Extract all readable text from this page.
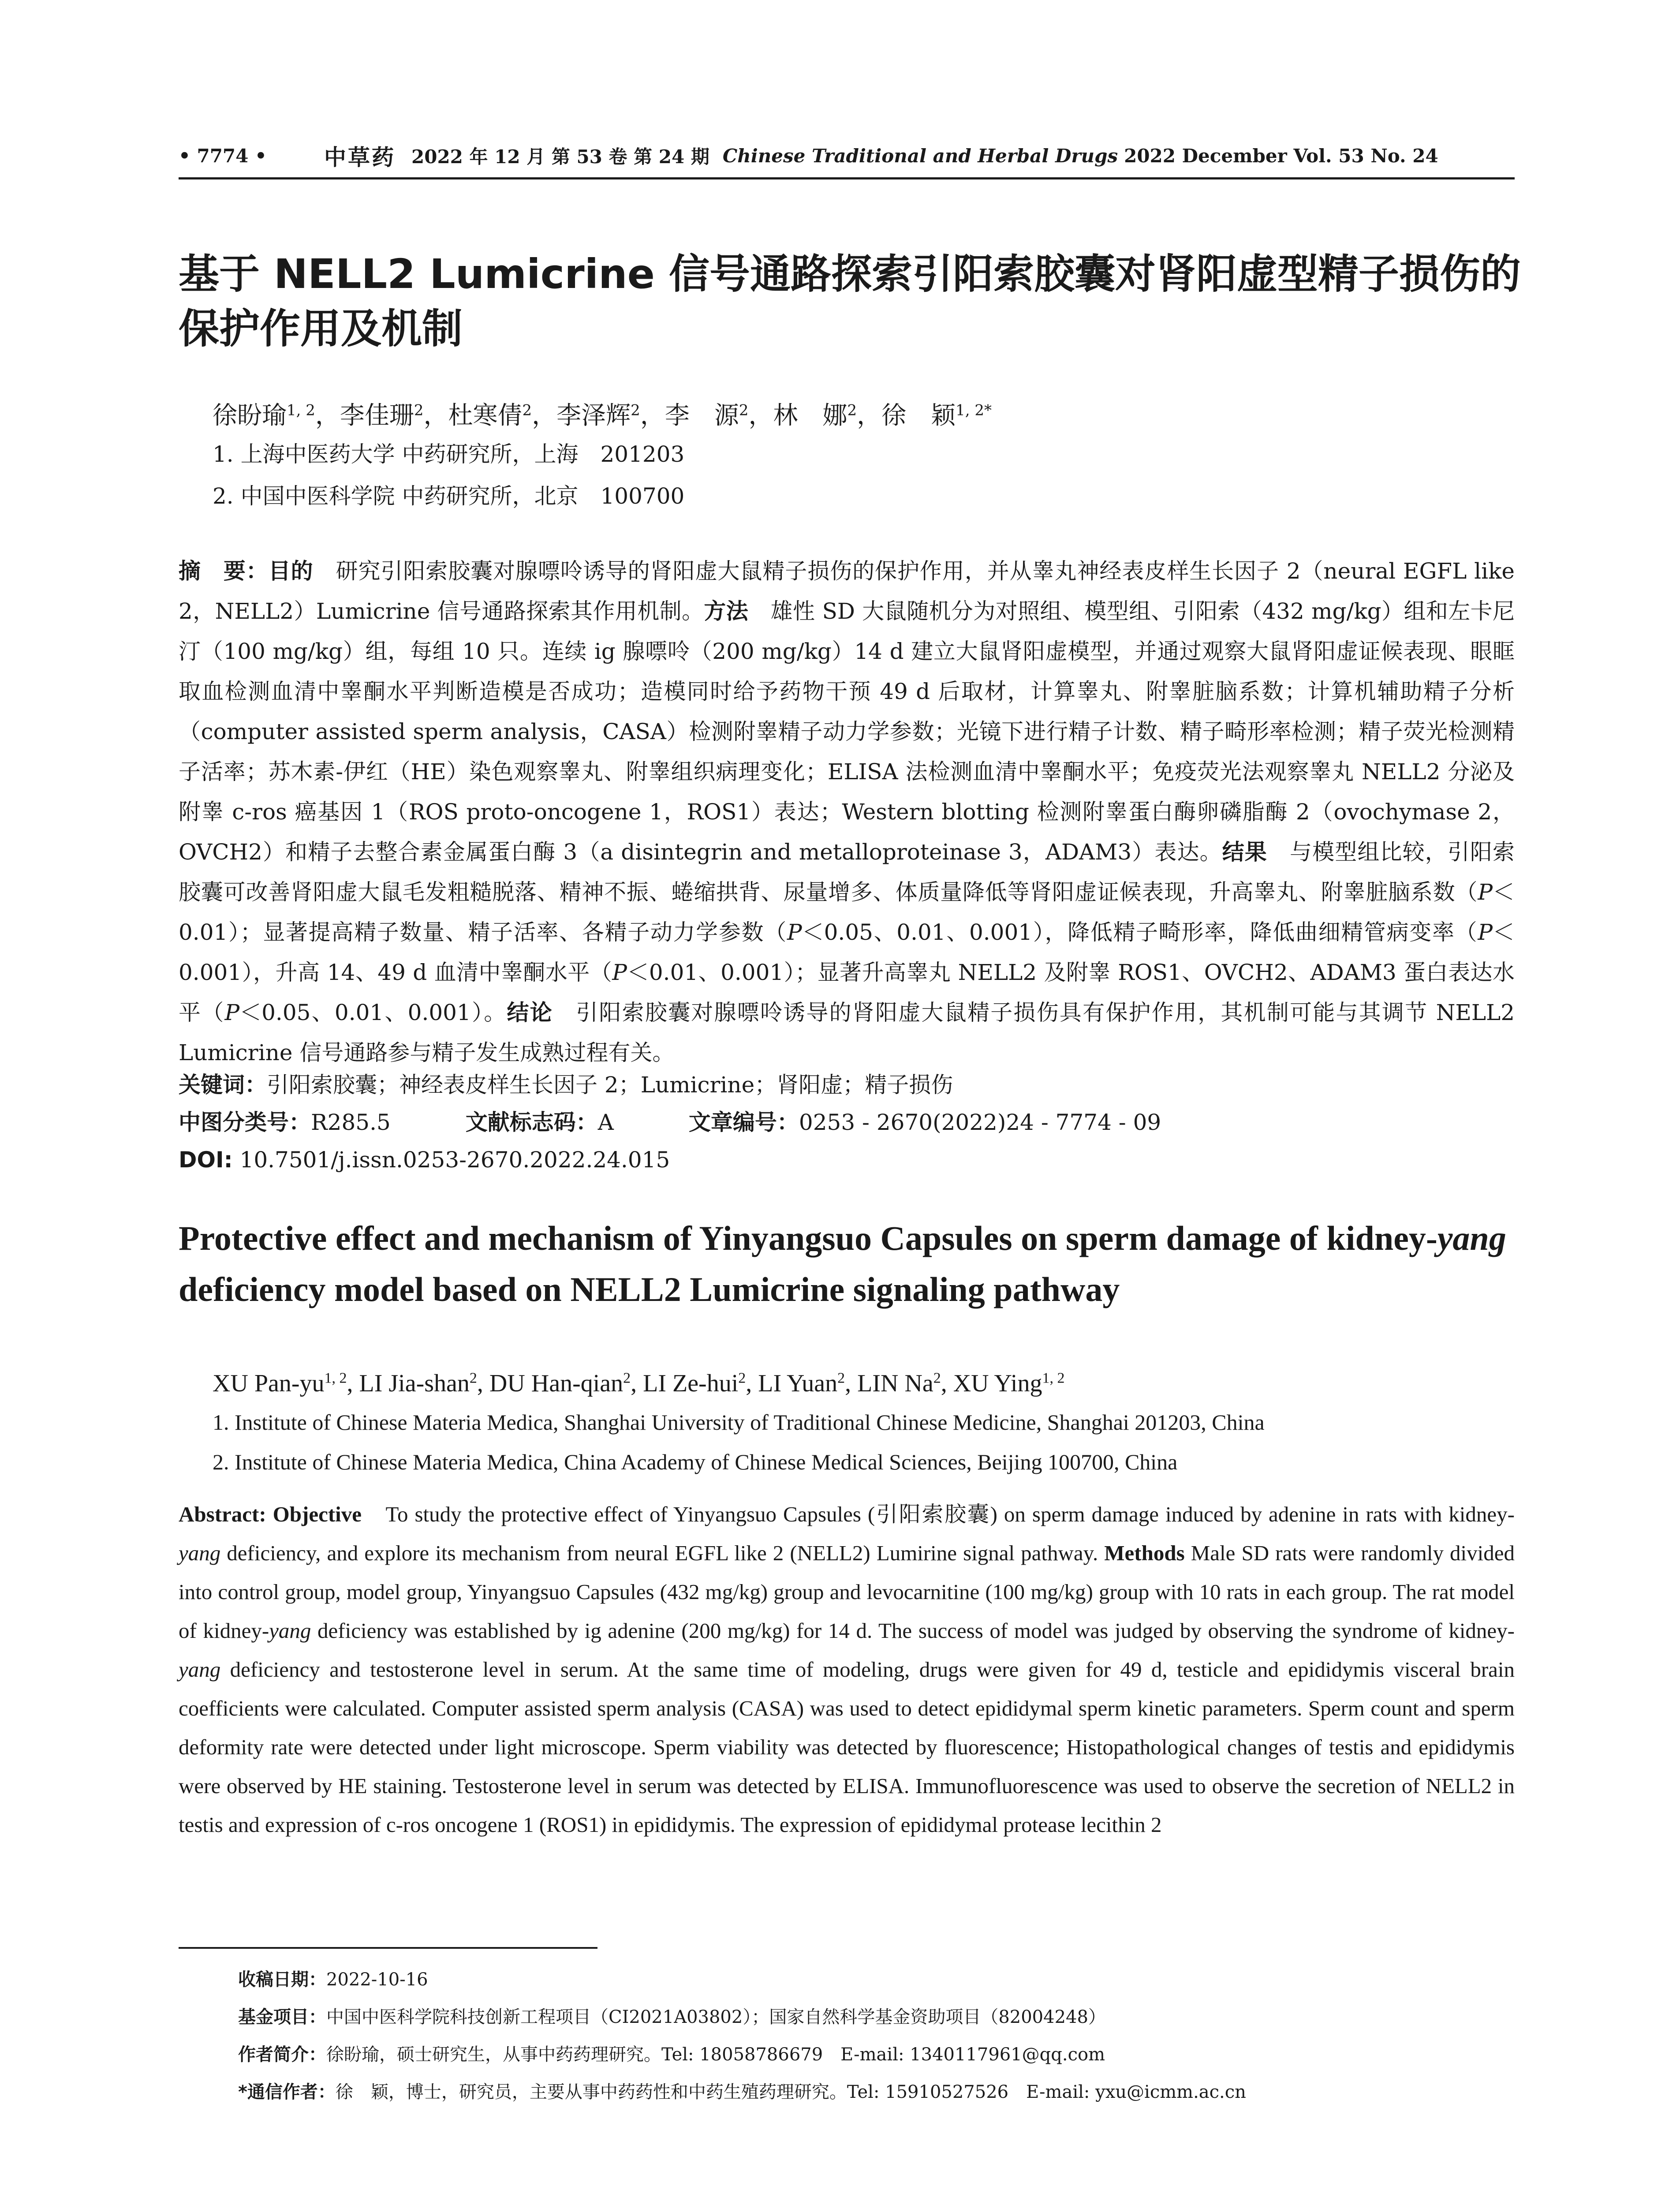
• 7774 •	中草药 2022 年 12 月 第 53 卷 第 24 期 Chinese Traditional and Herbal Drugs 2022 December Vol. 53 No. 24
基于 NELL2 Lumicrine 信号通路探索引阳索胶囊对肾阳虚型精子损伤的保护作用及机制

徐盼瑜$^{1, 2}$，李佳珊$^2$，杜寒倩$^2$，李泽辉$^2$，李　源$^2$，林　娜$^2$，徐　颖$^{1, 2*}$

1. 上海中医药大学 中药研究所，上海　201203

2. 中国中医科学院 中药研究所，北京　100700

摘　要：目的　 研究引阳索胶囊对腺嘌呤诱导的肾阳虚大鼠精子损伤的保护作用，并从睾丸神经表皮样生长因子 2（neural EGFL like 2，NELL2）Lumicrine 信号通路探索其作用机制。方法　 雄性 SD 大鼠随机分为对照组、模型组、引阳索（432 mg/kg）组和左卡尼汀（100 mg/kg）组，每组 10 只。连续 ig 腺嘌呤（200 mg/kg）14 d 建立大鼠肾阳虚模型，并通过观察大鼠肾阳虚证候表现、眼眶取血检测血清中睾酮水平判断造模是否成功；造模同时给予药物干预 49 d 后取材，计算睾丸、附睾脏脑系数；计算机辅助精子分析（computer assisted sperm analysis，CASA）检测附睾精子动力学参数；光镜下进行精子计数、精子畸形率检测；精子荧光检测精子活率；苏木素-伊红（HE）染色观察睾丸、附睾组织病理变化；ELISA 法检测血清中睾酮水平；免疫荧光法观察睾丸 NELL2 分泌及附睾 c-ros 癌基因 1（ROS proto-oncogene 1，ROS1）表达；Western blotting 检测附睾蛋白酶卵磷脂酶 2（ovochymase 2，OVCH2）和精子去整合素金属蛋白酶 3（a disintegrin and metalloproteinase 3，ADAM3）表达。结果　 与模型组比较，引阳索胶囊可改善肾阳虚大鼠毛发粗糙脱落、精神不振、蜷缩拱背、尿量增多、体质量降低等肾阳虚证候表现，升高睾丸、附睾脏脑系数（P＜0.01）；显著提高精子数量、精子活率、各精子动力学参数（P＜0.05、0.01、0.001），降低精子畸形率，降低曲细精管病变率（P＜0.001），升高 14、49 d 血清中睾酮水平（P＜0.01、0.001）；显著升高睾丸 NELL2 及附睾 ROS1、OVCH2、ADAM3 蛋白表达水平（P＜0.05、0.01、0.001）。结论　 引阳索胶囊对腺嘌呤诱导的肾阳虚大鼠精子损伤具有保护作用，其机制可能与其调节 NELL2 Lumicrine 信号通路参与精子发生成熟过程有关。

关键词：引阳索胶囊；神经表皮样生长因子 2；Lumicrine；肾阳虚；精子损伤

中图分类号：R285.5	文献标志码：A	文章编号：0253 - 2670(2022)24 - 7774 - 09

DOI: 10.7501/j.issn.0253-2670.2022.24.015

Protective effect and mechanism of Yinyangsuo Capsules on sperm damage of kidney-yang deficiency model based on NELL2 Lumicrine signaling pathway

XU Pan-yu$^{1, 2}$, LI Jia-shan$^2$, DU Han-qian$^2$, LI Ze-hui$^2$, LI Yuan$^2$, LIN Na$^2$, XU Ying$^{1, 2}$

1. Institute of Chinese Materia Medica, Shanghai University of Traditional Chinese Medicine, Shanghai 201203, China

2. Institute of Chinese Materia Medica, China Academy of Chinese Medical Sciences, Beijing 100700, China

Abstract: Objective　 To study the protective effect of Yinyangsuo Capsules (引阳索胶囊) on sperm damage induced by adenine in rats with kidney-yang deficiency, and explore its mechanism from neural EGFL like 2 (NELL2) Lumirine signal pathway. Methods Male SD rats were randomly divided into control group, model group, Yinyangsuo Capsules (432 mg/kg) group and levocarnitine (100 mg/kg) group with 10 rats in each group. The rat model of kidney-yang deficiency was established by ig adenine (200 mg/kg) for 14 d. The success of model was judged by observing the syndrome of kidney-yang deficiency and testosterone level in serum. At the same time of modeling, drugs were given for 49 d, testicle and epididymis visceral brain coefficients were calculated. Computer assisted sperm analysis (CASA) was used to detect epididymal sperm kinetic parameters. Sperm count and sperm deformity rate were detected under light microscope. Sperm viability was detected by fluorescence; Histopathological changes of testis and epididymis were observed by HE staining. Testosterone level in serum was detected by ELISA. Immunofluorescence was used to observe the secretion of NELL2 in testis and expression of c-ros oncogene 1 (ROS1) in epididymis. The expression of epididymal protease lecithin 2

收稿日期：2022-10-16

基金项目：中国中医科学院科技创新工程项目（CI2021A03802）；国家自然科学基金资助项目（82004248）

作者简介：徐盼瑜，硕士研究生，从事中药药理研究。Tel: 18058786679　E-mail: 1340117961@qq.com

*通信作者：徐　颖，博士，研究员，主要从事中药药性和中药生殖药理研究。Tel: 15910527526　E-mail: yxu@icmm.ac.cn
